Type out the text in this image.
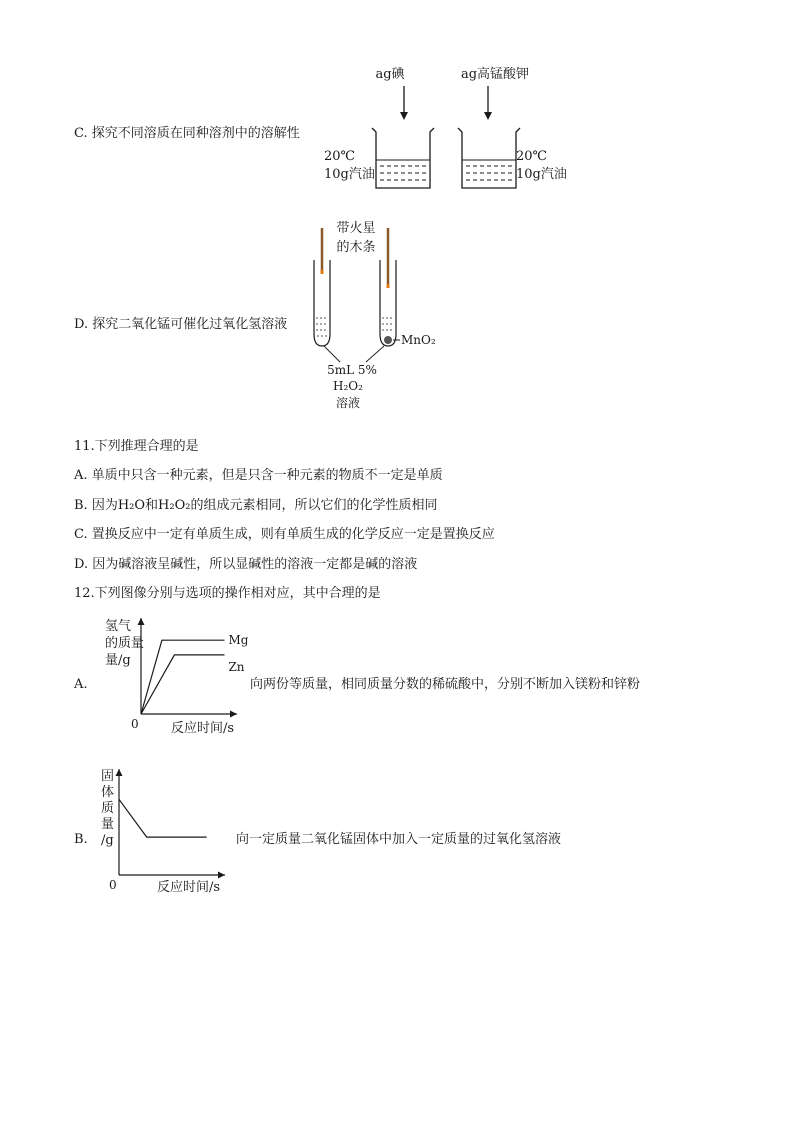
C. 探究不同溶质在同种溶剂中的溶解性
ag碘	ag高锰酸钾
20℃
10g汽油
20℃
10g汽油
D. 探究二氧化锰可催化过氧化氢溶液
带火星
的木条
MnO₂
5mL 5%
H₂O₂
溶液
11.下列推理合理的是
A. 单质中只含一种元素，但是只含一种元素的物质不一定是单质
B. 因为H₂O和H₂O₂的组成元素相同，所以它们的化学性质相同
C. 置换反应中一定有单质生成，则有单质生成的化学反应一定是置换反应
D. 因为碱溶液呈碱性，所以显碱性的溶液一定都是碱的溶液
12.下列图像分别与选项的操作相对应，其中合理的是
A.
氢气
的质量
量/g
反应时间/s
0
Mg
Zn
向两份等质量，相同质量分数的稀硫酸中，分别不断加入镁粉和锌粉
B.
固
体
质
量
/g
反应时间/s
0
向一定质量二氧化锰固体中加入一定质量的过氧化氢溶液
